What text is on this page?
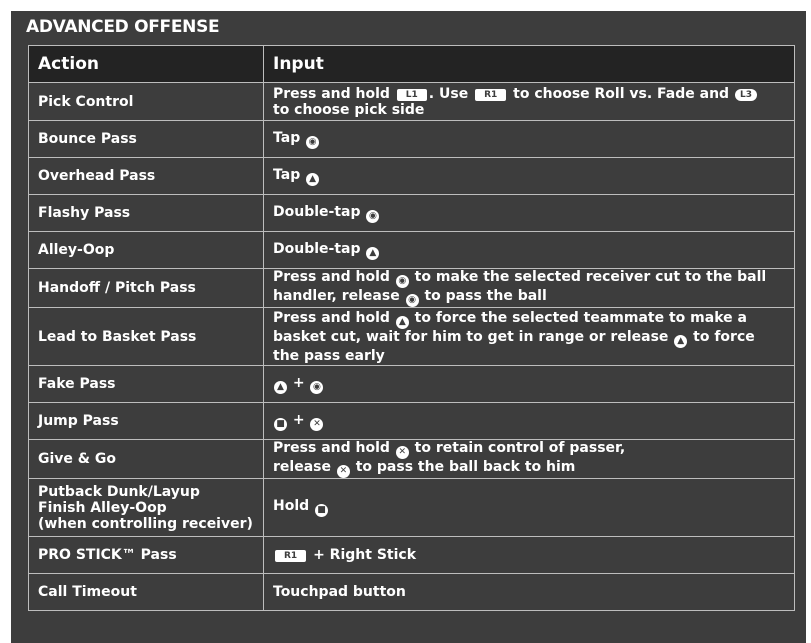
ADVANCED OFFENSE
Action	Input
Pick Control	Press and hold L1 . Use R1 to choose Roll vs. Fade and L3
to choose pick side
Bounce Pass	Tap ◉
Overhead Pass	Tap ▲
Flashy Pass	Double-tap ◉
Alley-Oop	Double-tap ▲
Handoff / Pitch Pass	Press and hold ◉ to make the selected receiver cut to the ball handler, release ◉ to pass the ball
Lead to Basket Pass	Press and hold ▲ to force the selected teammate to make a basket cut, wait for him to get in range or release ▲ to force the pass early
Fake Pass	▲ + ◉
Jump Pass	■ + ✕
Give & Go	Press and hold ✕ to retain control of passer,
release ✕ to pass the ball back to him
Putback Dunk/Layup
Finish Alley-Oop
(when controlling receiver)	Hold ■
PRO STICK™ Pass	R1 + Right Stick
Call Timeout	Touchpad button
